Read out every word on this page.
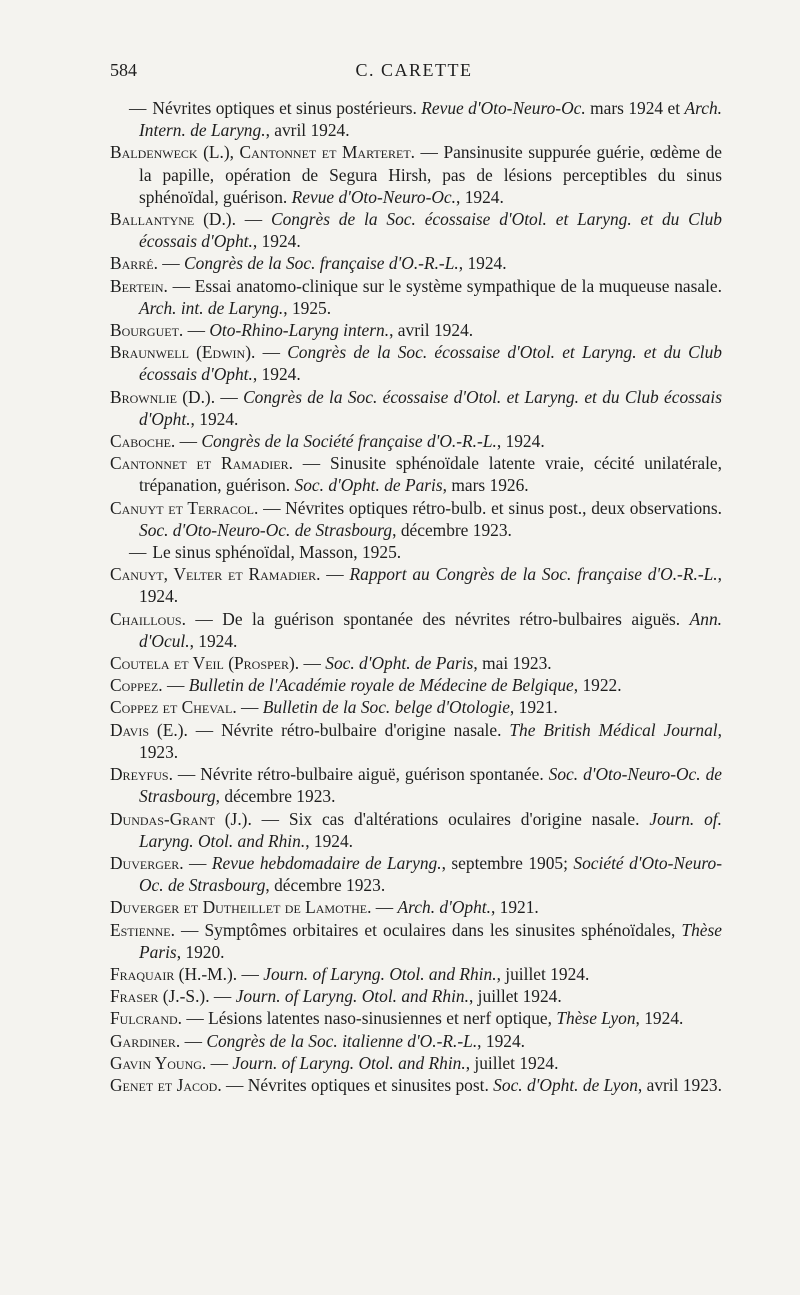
584	C. CARETTE
— Névrites optiques et sinus postérieurs. Revue d'Oto-Neuro-Oc. mars 1924 et Arch. Intern. de Laryng., avril 1924.
Baldenweck (L.), Cantonnet et Marteret. — Pansinusite suppurée guérie, œdème de la papille, opération de Segura Hirsh, pas de lésions perceptibles du sinus sphénoïdal, guérison. Revue d'Oto-Neuro-Oc., 1924.
Ballantyne (D.). — Congrès de la Soc. écossaise d'Otol. et Laryng. et du Club écossais d'Opht., 1924.
Barré. — Congrès de la Soc. française d'O.-R.-L., 1924.
Bertein. — Essai anatomo-clinique sur le système sympathique de la muqueuse nasale. Arch. int. de Laryng., 1925.
Bourguet. — Oto-Rhino-Laryng intern., avril 1924.
Braunwell (Edwin). — Congrès de la Soc. écossaise d'Otol. et Laryng. et du Club écossais d'Opht., 1924.
Brownlie (D.). — Congrès de la Soc. écossaise d'Otol. et Laryng. et du Club écossais d'Opht., 1924.
Caboche. — Congrès de la Société française d'O.-R.-L., 1924.
Cantonnet et Ramadier. — Sinusite sphénoïdale latente vraie, cécité unilatérale, trépanation, guérison. Soc. d'Opht. de Paris, mars 1926.
Canuyt et Terracol. — Névrites optiques rétro-bulb. et sinus post., deux observations. Soc. d'Oto-Neuro-Oc. de Strasbourg, décembre 1923.
— Le sinus sphénoïdal, Masson, 1925.
Canuyt, Velter et Ramadier. — Rapport au Congrès de la Soc. française d'O.-R.-L., 1924.
Chaillous. — De la guérison spontanée des névrites rétro-bulbaires aiguës. Ann. d'Ocul., 1924.
Coutela et Veil (Prosper). — Soc. d'Opht. de Paris, mai 1923.
Coppez. — Bulletin de l'Académie royale de Médecine de Belgique, 1922.
Coppez et Cheval. — Bulletin de la Soc. belge d'Otologie, 1921.
Davis (E.). — Névrite rétro-bulbaire d'origine nasale. The British Médical Journal, 1923.
Dreyfus. — Névrite rétro-bulbaire aiguë, guérison spontanée. Soc. d'Oto-Neuro-Oc. de Strasbourg, décembre 1923.
Dundas-Grant (J.). — Six cas d'altérations oculaires d'origine nasale. Journ. of. Laryng. Otol. and Rhin., 1924.
Duverger. — Revue hebdomadaire de Laryng., septembre 1905; Société d'Oto-Neuro-Oc. de Strasbourg, décembre 1923.
Duverger et Dutheillet de Lamothe. — Arch. d'Opht., 1921.
Estienne. — Symptômes orbitaires et oculaires dans les sinusites sphénoïdales, Thèse Paris, 1920.
Fraquair (H.-M.). — Journ. of Laryng. Otol. and Rhin., juillet 1924.
Fraser (J.-S.). — Journ. of Laryng. Otol. and Rhin., juillet 1924.
Fulcrand. — Lésions latentes naso-sinusiennes et nerf optique, Thèse Lyon, 1924.
Gardiner. — Congrès de la Soc. italienne d'O.-R.-L., 1924.
Gavin Young. — Journ. of Laryng. Otol. and Rhin., juillet 1924.
Genet et Jacod. — Névrites optiques et sinusites post. Soc. d'Opht. de Lyon, avril 1923.
